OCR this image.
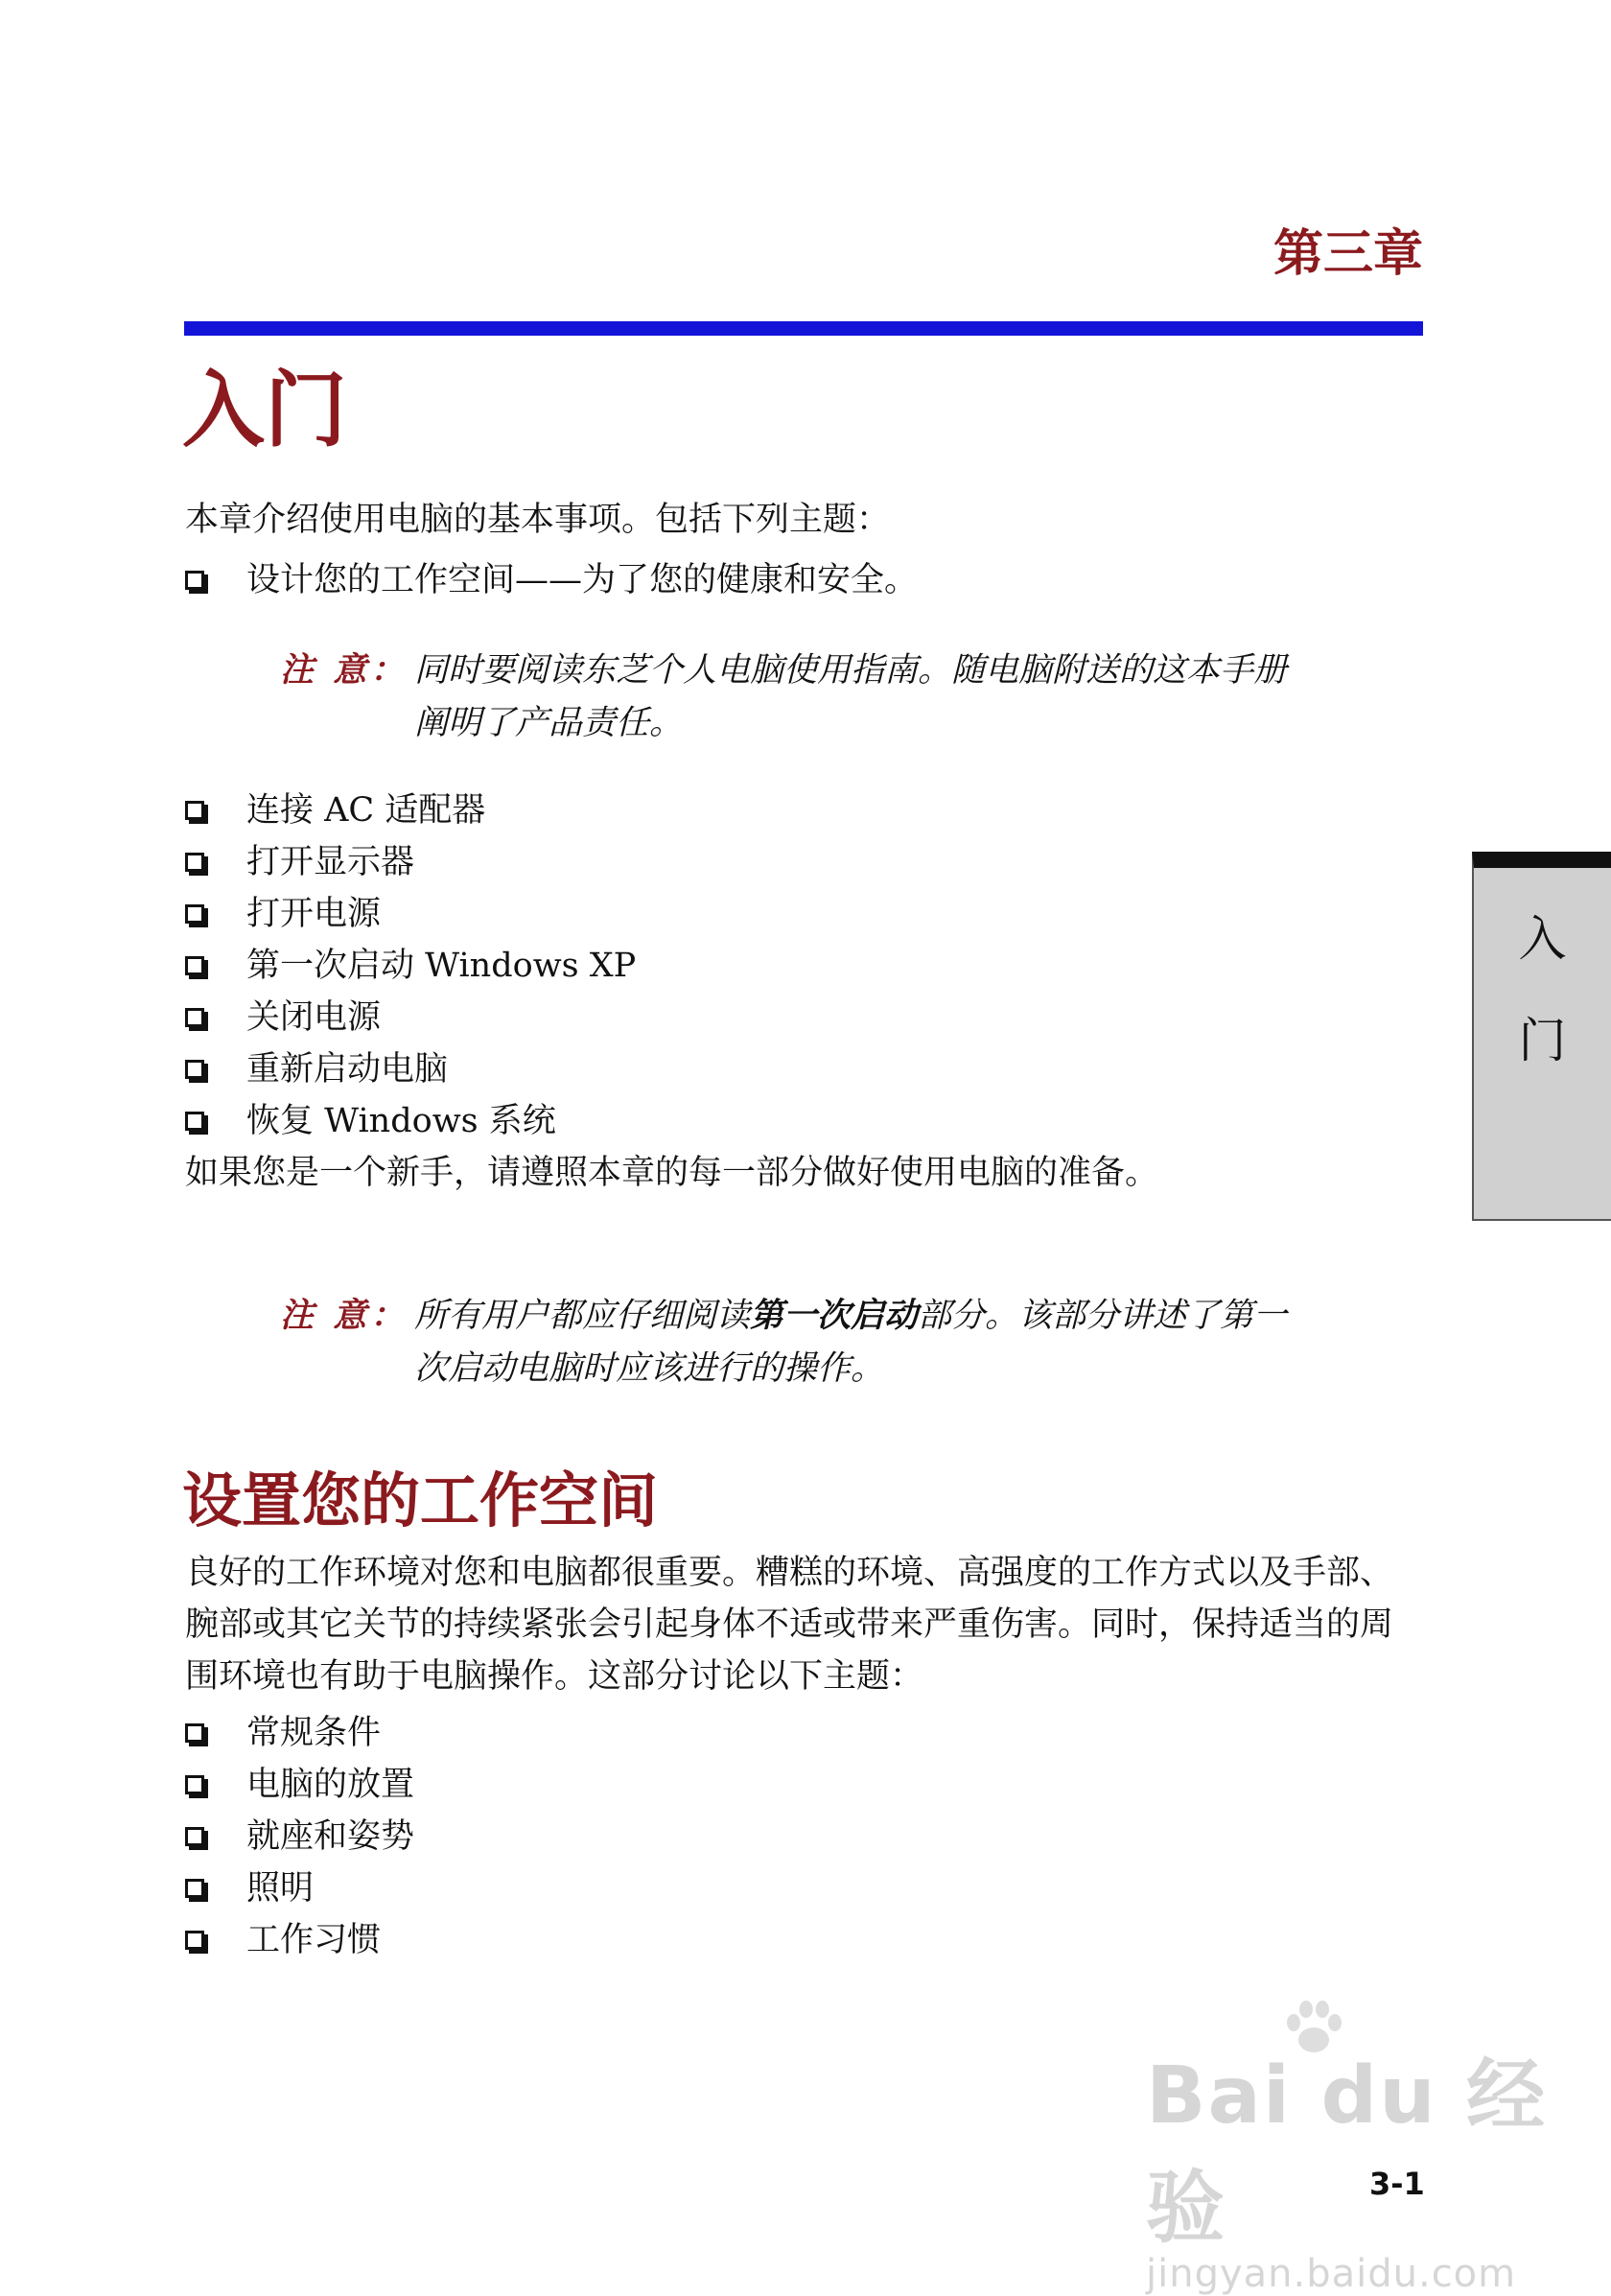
第三章
入门
本章介绍使用电脑的基本事项。包括下列主题：
设计您的工作空间——为了您的健康和安全。
注 意： 同时要阅读东芝个人电脑使用指南。随电脑附送的这本手册
阐明了产品责任。
连接 AC 适配器
打开显示器
打开电源
第一次启动 Windows XP
关闭电源
重新启动电脑
恢复 Windows 系统
如果您是一个新手，请遵照本章的每一部分做好使用电脑的准备。
注 意： 所有用户都应仔细阅读第一次启动部分。该部分讲述了第一
次启动电脑时应该进行的操作。
设置您的工作空间
良好的工作环境对您和电脑都很重要。糟糕的环境、高强度的工作方式以及手部、
腕部或其它关节的持续紧张会引起身体不适或带来严重伤害。同时，保持适当的周
围环境也有助于电脑操作。这部分讨论以下主题：
常规条件
电脑的放置
就座和姿势
照明
工作习惯
入
门
Bai du 经验
jingyan.baidu.com
3-1
